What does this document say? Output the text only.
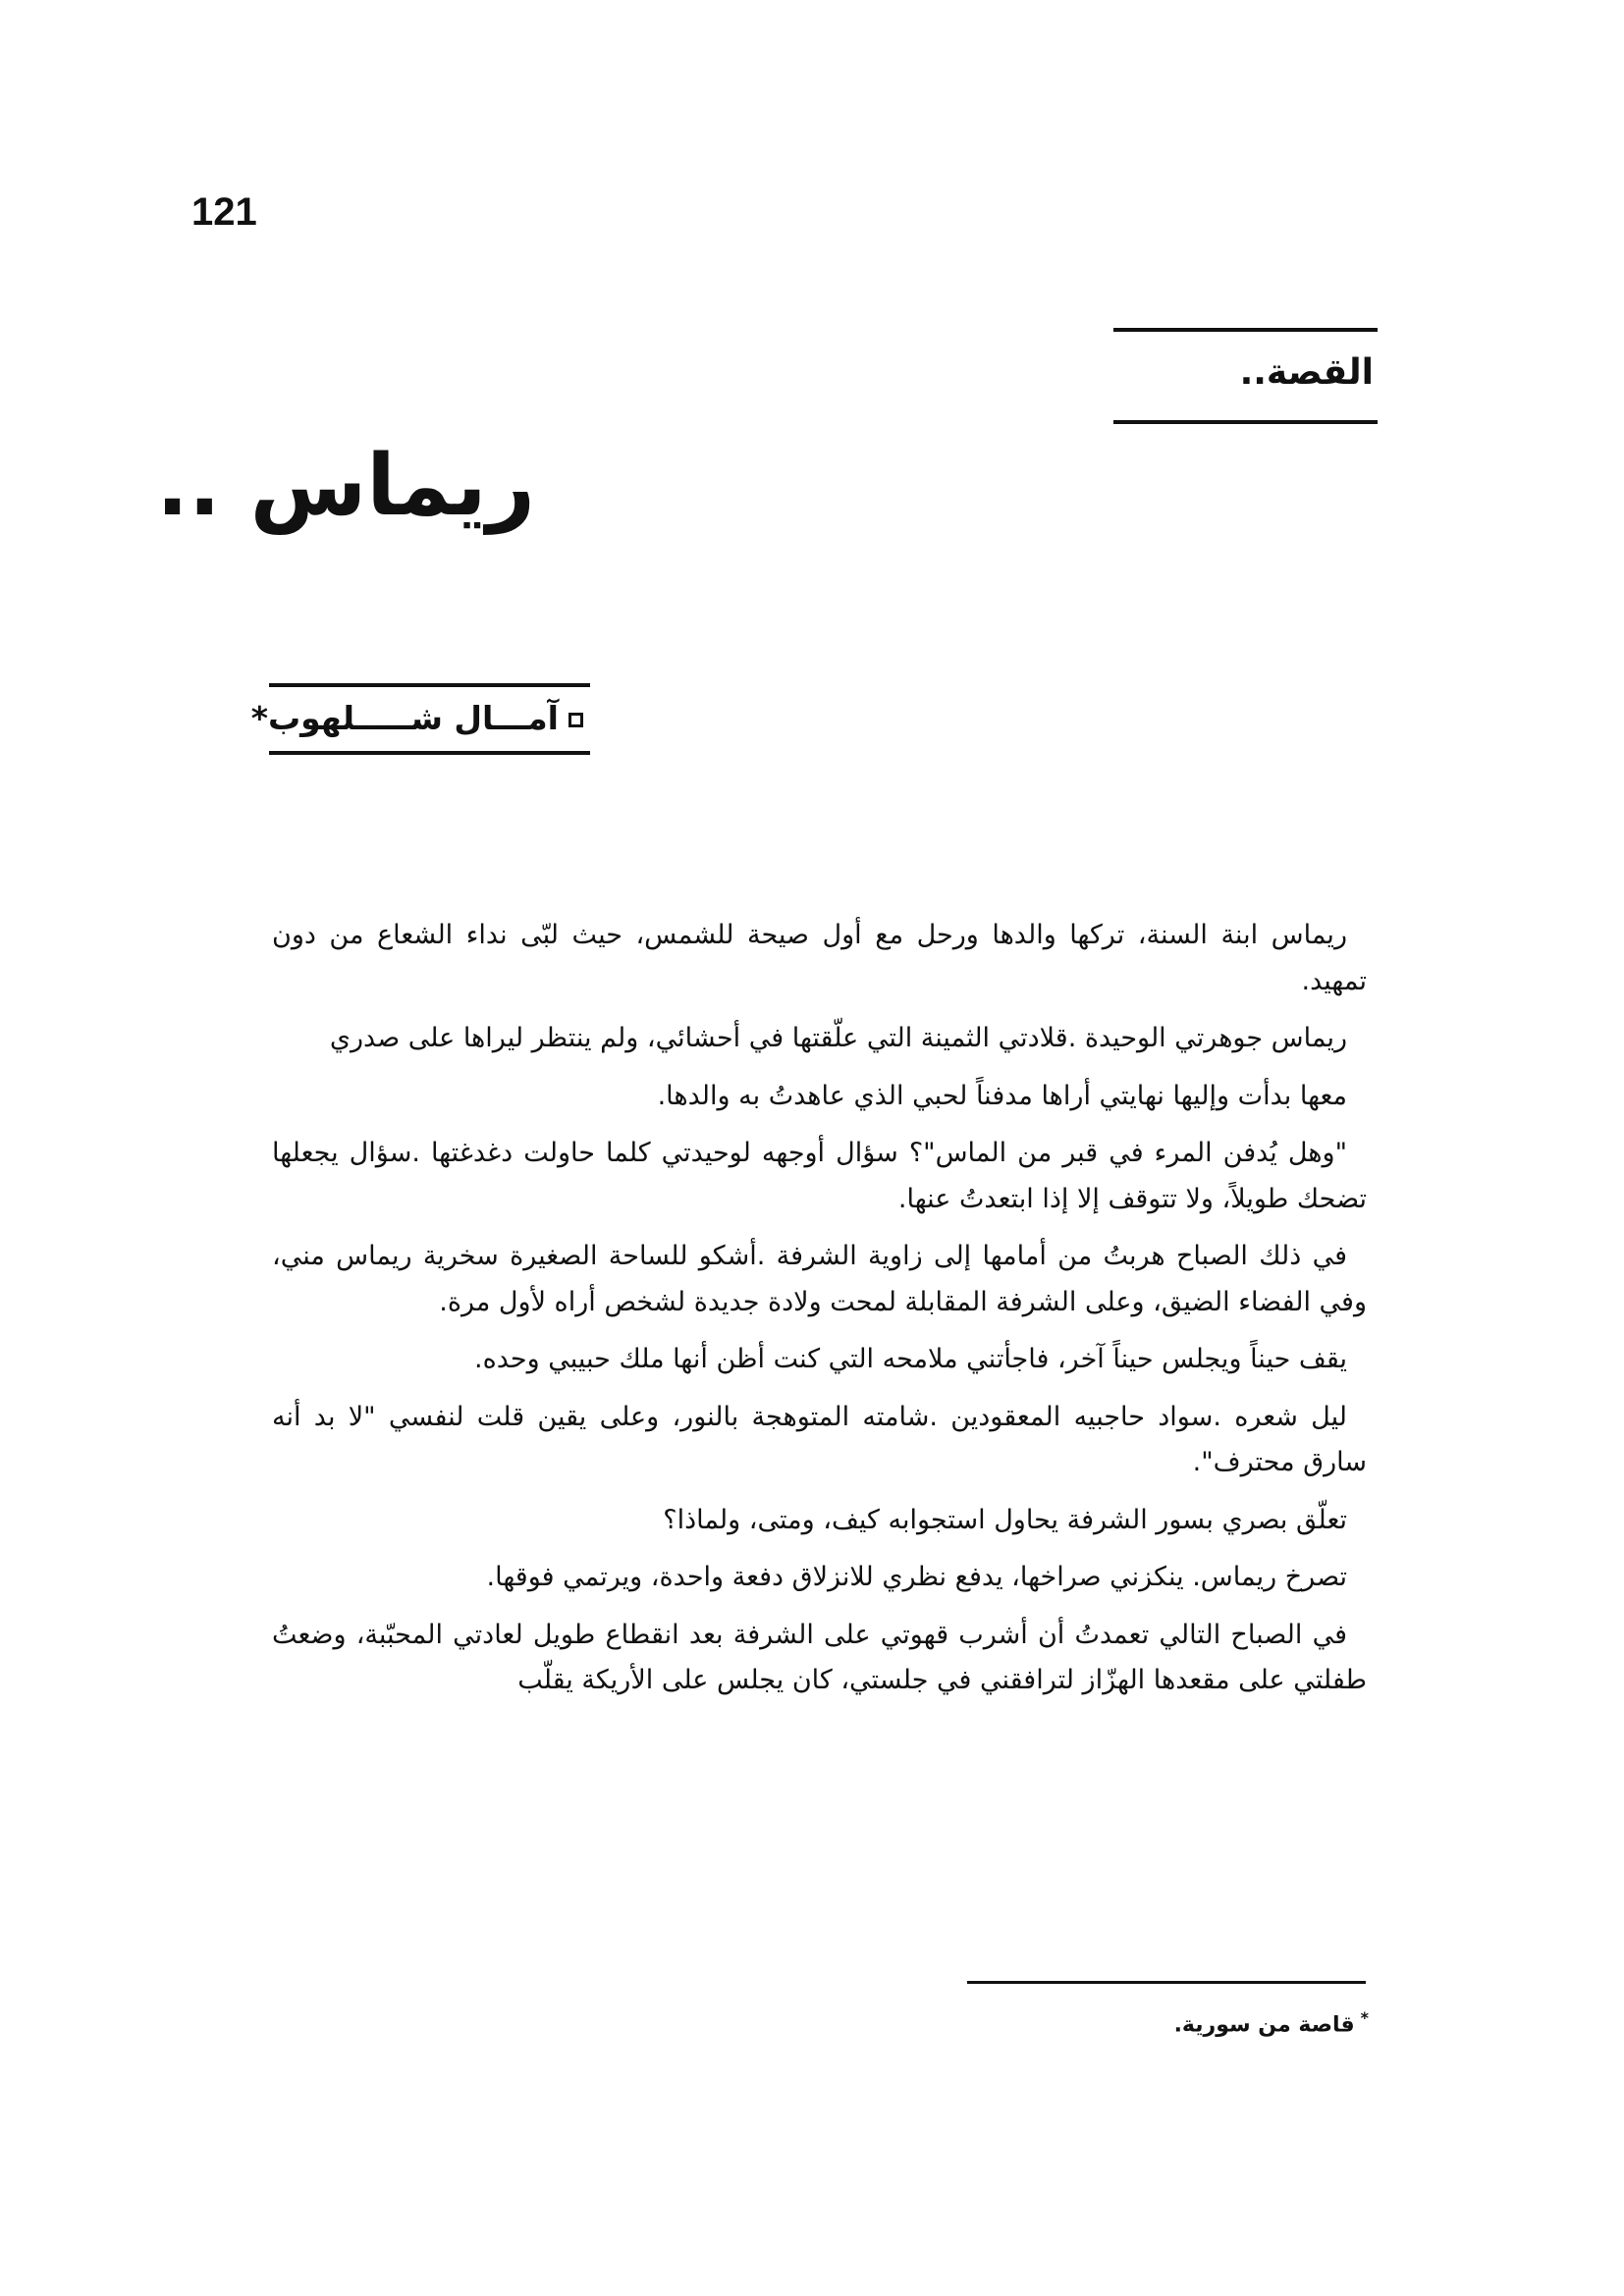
121
القصة..
ريماس ..
آمـــال شـــــلهوب*

ريماس ابنة السنة، تركها والدها ورحل مع أول صيحة للشمس، حيث لبّى نداء الشعاع من دون تمهيد.

ريماس جوهرتي الوحيدة .قلادتي الثمينة التي علّقتها في أحشائي، ولم ينتظر ليراها على صدري

معها بدأت وإليها نهايتي أراها مدفناً لحبي الذي عاهدتُ به والدها.

"وهل يُدفن المرء في قبر من الماس"؟ سؤال أوجهه لوحيدتي كلما حاولت دغدغتها .سؤال يجعلها تضحك طويلاً، ولا تتوقف إلا إذا ابتعدتُ عنها.

في ذلك الصباح هربتُ من أمامها إلى زاوية الشرفة .أشكو للساحة الصغيرة سخرية ريماس مني، وفي الفضاء الضيق، وعلى الشرفة المقابلة لمحت ولادة جديدة لشخص أراه لأول مرة.

يقف حيناً ويجلس حيناً آخر، فاجأتني ملامحه التي كنت أظن أنها ملك حبيبي وحده.

ليل شعره .سواد حاجبيه المعقودين .شامته المتوهجة بالنور، وعلى يقين قلت لنفسي "لا بد أنه سارق محترف".

تعلّق بصري بسور الشرفة يحاول استجوابه كيف، ومتى، ولماذا؟

تصرخ ريماس. ينكزني صراخها، يدفع نظري للانزلاق دفعة واحدة، ويرتمي فوقها.

في الصباح التالي تعمدتُ أن أشرب قهوتي على الشرفة بعد انقطاع طويل لعادتي المحبّبة، وضعتُ طفلتي على مقعدها الهزّاز لترافقني في جلستي، كان يجلس على الأريكة يقلّب

*قاصة من سورية.
